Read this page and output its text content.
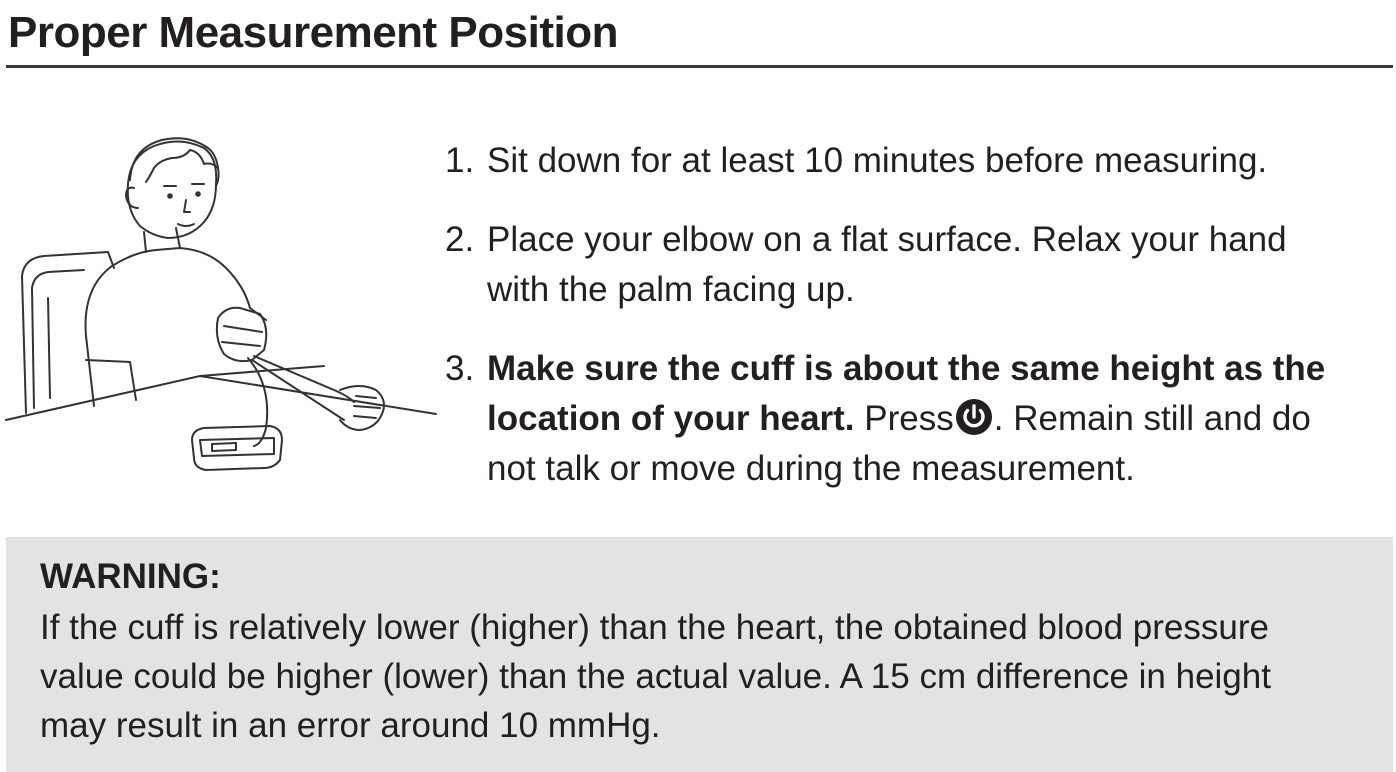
Proper Measurement Position
1. Sit down for at least 10 minutes before measuring.
2. Place your elbow on a flat surface. Relax your hand
with the palm facing up.
3. Make sure the cuff is about the same height as the
location of your heart. Press . Remain still and do
not talk or move during the measurement.
WARNING:
If the cuff is relatively lower (higher) than the heart, the obtained blood pressure
value could be higher (lower) than the actual value. A 15 cm difference in height
may result in an error around 10 mmHg.
